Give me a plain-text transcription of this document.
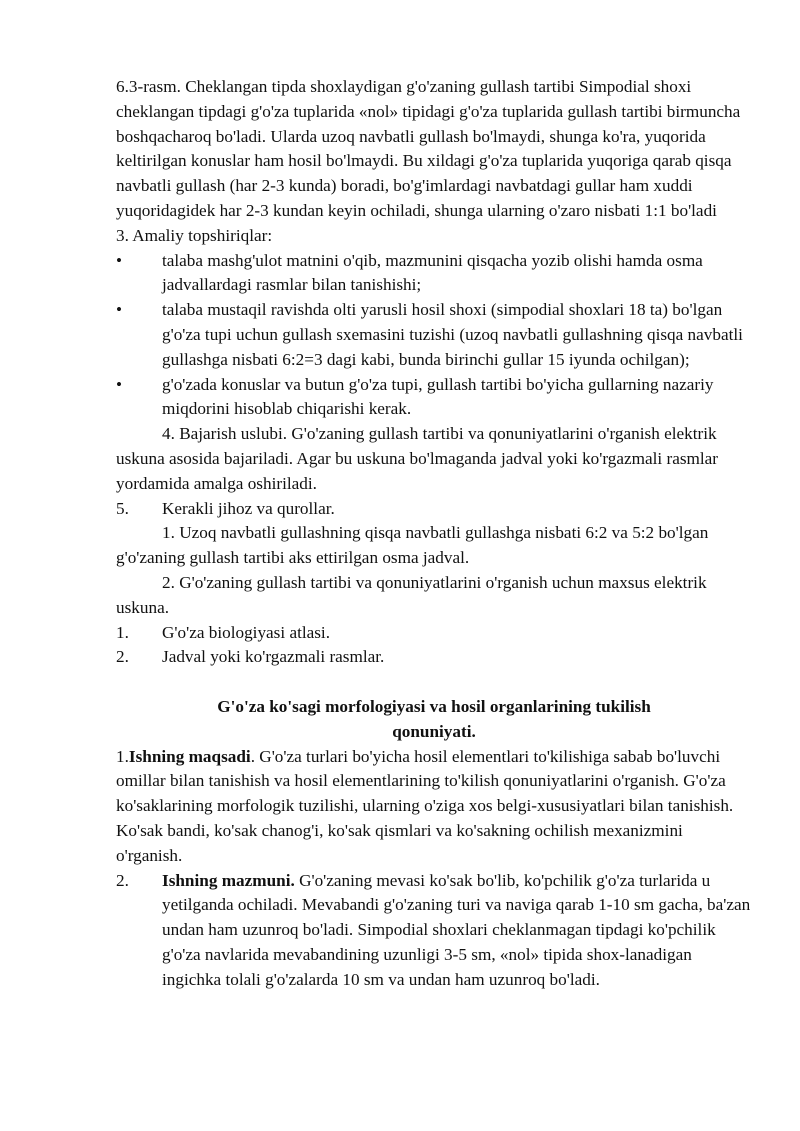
6.3-rasm. Cheklangan tipda shoxlaydigan g'o'zaning gullash tartibi Simpodial shoxi cheklangan tipdagi g'o'za tuplarida «nol» tipidagi g'o'za tuplarida gullash tartibi birmuncha boshqacharoq bo'ladi. Ularda uzoq navbatli gullash bo'lmaydi, shunga ko'ra, yuqorida keltirilgan konuslar ham hosil bo'lmaydi. Bu xildagi g'o'za tuplarida yuqoriga qarab qisqa navbatli gullash (har 2-3 kunda) boradi, bo'g'imlardagi navbatdagi gullar ham xuddi yuqoridagidek har 2-3 kundan keyin ochiladi, shunga ularning o'zaro nisbati 1:1 bo'ladi

3. Amaliy topshiriqlar:

• talaba mashg'ulot matnini o'qib, mazmunini qisqacha yozib olishi hamda osma jadvallardagi rasmlar bilan tanishishi;

• talaba mustaqil ravishda olti yarusli hosil shoxi (simpodial shoxlari 18 ta) bo'lgan g'o'za tupi uchun gullash sxemasini tuzishi (uzoq navbatli gullashning qisqa navbatli gullashga nisbati 6:2=3 dagi kabi, bunda birinchi gullar 15 iyunda ochilgan);

• g'o'zada konuslar va butun g'o'za tupi, gullash tartibi bo'yicha gullarning nazariy miqdorini hisoblab chiqarishi kerak.

4. Bajarish uslubi. G'o'zaning gullash tartibi va qonuniyatlarini o'rganish elektrik uskuna asosida bajariladi. Agar bu uskuna bo'lmaganda jadval yoki ko'rgazmali rasmlar yordamida amalga oshiriladi.

5. Kerakli jihoz va qurollar.

1. Uzoq navbatli gullashning qisqa navbatli gullashga nisbati 6:2 va 5:2 bo'lgan g'o'zaning gullash tartibi aks ettirilgan osma jadval.

2. G'o'zaning gullash tartibi va qonuniyatlarini o'rganish uchun maxsus elektrik uskuna.

1. G'o'za biologiyasi atlasi.

2. Jadval yoki ko'rgazmali rasmlar.

G'o'za ko'sagi morfologiyasi va hosil organlarining tukilish
qonuniyati.

1.Ishning maqsadi. G'o'za turlari bo'yicha hosil elementlari to'kilishiga sabab bo'luvchi omillar bilan tanishish va hosil elementlarining to'kilish qonuniyatlarini o'rganish. G'o'za ko'saklarining morfologik tuzilishi, ularning o'ziga xos belgi-xususiyatlari bilan tanishish. Ko'sak bandi, ko'sak chanog'i, ko'sak qismlari va ko'sakning ochilish mexanizmini o'rganish.

2. Ishning mazmuni. G'o'zaning mevasi ko'sak bo'lib, ko'pchilik g'o'za turlarida u yetilganda ochiladi. Mevabandi g'o'zaning turi va naviga qarab 1-10 sm gacha, ba'zan undan ham uzunroq bo'ladi. Simpodial shoxlari cheklanmagan tipdagi ko'pchilik g'o'za navlarida mevabandining uzunligi 3-5 sm, «nol» tipida shox-lanadigan ingichka tolali g'o'zalarda 10 sm va undan ham uzunroq bo'ladi.
